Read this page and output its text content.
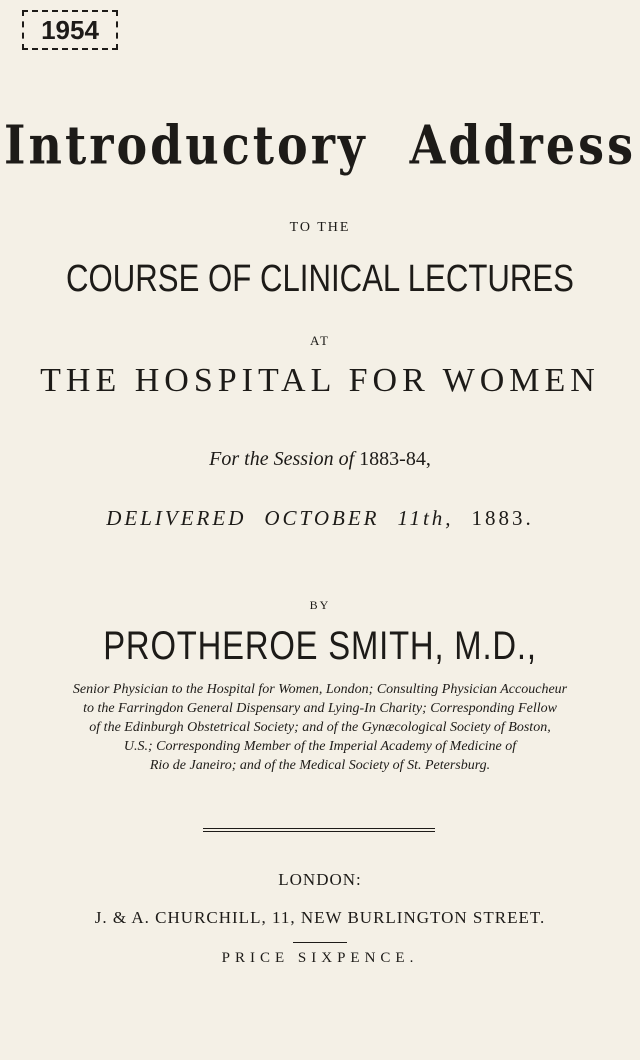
1954
Introductory Address
TO THE
COURSE OF CLINICAL LECTURES
AT
THE HOSPITAL FOR WOMEN
For the Session of 1883-84,
DELIVERED OCTOBER 11th, 1883.
BY
PROTHEROE SMITH, M.D.,
Senior Physician to the Hospital for Women, London; Consulting Physician Accoucheur
to the Farringdon General Dispensary and Lying-In Charity; Corresponding Fellow
of the Edinburgh Obstetrical Society; and of the Gynæcological Society of Boston,
U.S.; Corresponding Member of the Imperial Academy of Medicine of
Rio de Janeiro; and of the Medical Society of St. Petersburg.
LONDON:
J. & A. CHURCHILL, 11, NEW BURLINGTON STREET.
PRICE SIXPENCE.
